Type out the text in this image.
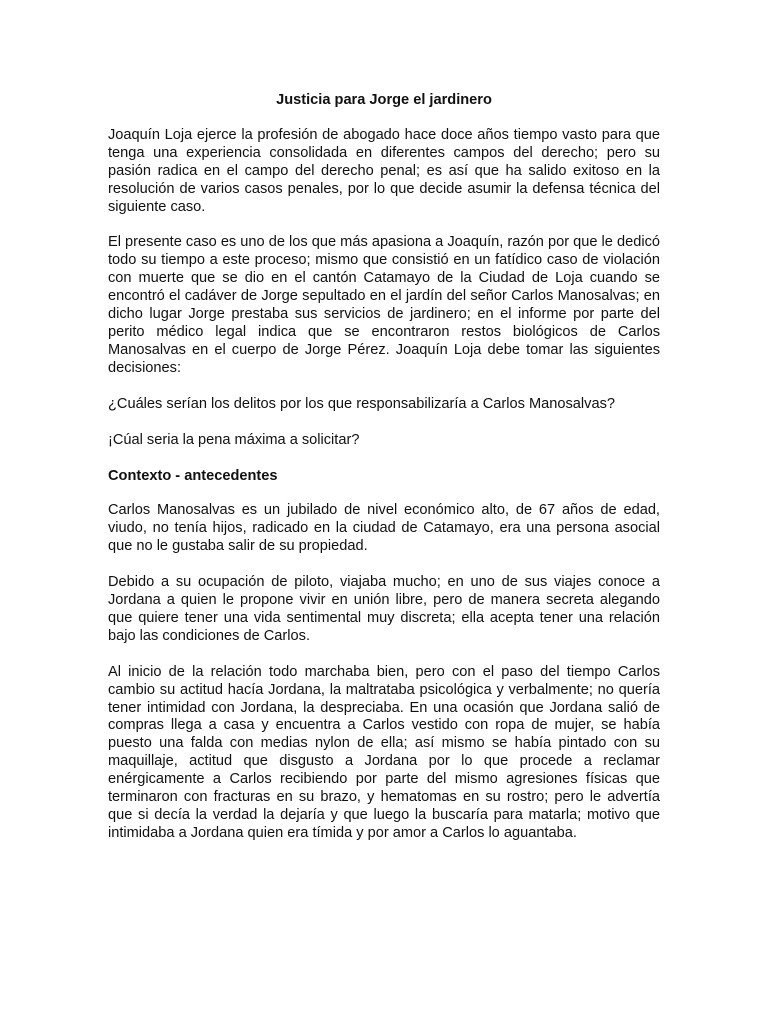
Justicia para Jorge el jardinero

Joaquín Loja ejerce la profesión de abogado hace doce años tiempo vasto para que tenga una experiencia consolidada en diferentes campos del derecho; pero su pasión radica en el campo del derecho penal; es así que ha salido exitoso en la resolución de varios casos penales, por lo que decide asumir la defensa técnica del siguiente caso.

El presente caso es uno de los que más apasiona a Joaquín, razón por que le dedicó todo su tiempo a este proceso; mismo que consistió en un fatídico caso de violación con muerte que se dio en el cantón Catamayo de la Ciudad de Loja cuando se encontró el cadáver de Jorge sepultado en el jardín del señor Carlos Manosalvas; en dicho lugar Jorge prestaba sus servicios de jardinero; en el informe por parte del perito médico legal indica que se encontraron restos biológicos de Carlos Manosalvas en el cuerpo de Jorge Pérez. Joaquín Loja debe tomar las siguientes decisiones:

¿Cuáles serían los delitos por los que responsabilizaría a Carlos Manosalvas?

¡Cúal seria la pena máxima a solicitar?

Contexto - antecedentes

Carlos Manosalvas es un jubilado de nivel económico alto, de 67 años de edad, viudo, no tenía hijos, radicado en la ciudad de Catamayo, era una persona asocial que no le gustaba salir de su propiedad.

Debido a su ocupación de piloto, viajaba mucho; en uno de sus viajes conoce a Jordana a quien le propone vivir en unión libre, pero de manera secreta alegando que quiere tener una vida sentimental muy discreta; ella acepta tener una relación bajo las condiciones de Carlos.

Al inicio de la relación todo marchaba bien, pero con el paso del tiempo Carlos cambio su actitud hacía Jordana, la maltrataba psicológica y verbalmente; no quería tener intimidad con Jordana, la despreciaba. En una ocasión que Jordana salió de compras llega a casa y encuentra a Carlos vestido con ropa de mujer, se había puesto una falda con medias nylon de ella; así mismo se había pintado con su maquillaje, actitud que disgusto a Jordana por lo que procede a reclamar enérgicamente a Carlos recibiendo por parte del mismo agresiones físicas que terminaron con fracturas en su brazo, y hematomas en su rostro; pero le advertía que si decía la verdad la dejaría y que luego la buscaría para matarla; motivo que intimidaba a Jordana quien era tímida y por amor a Carlos lo aguantaba.
